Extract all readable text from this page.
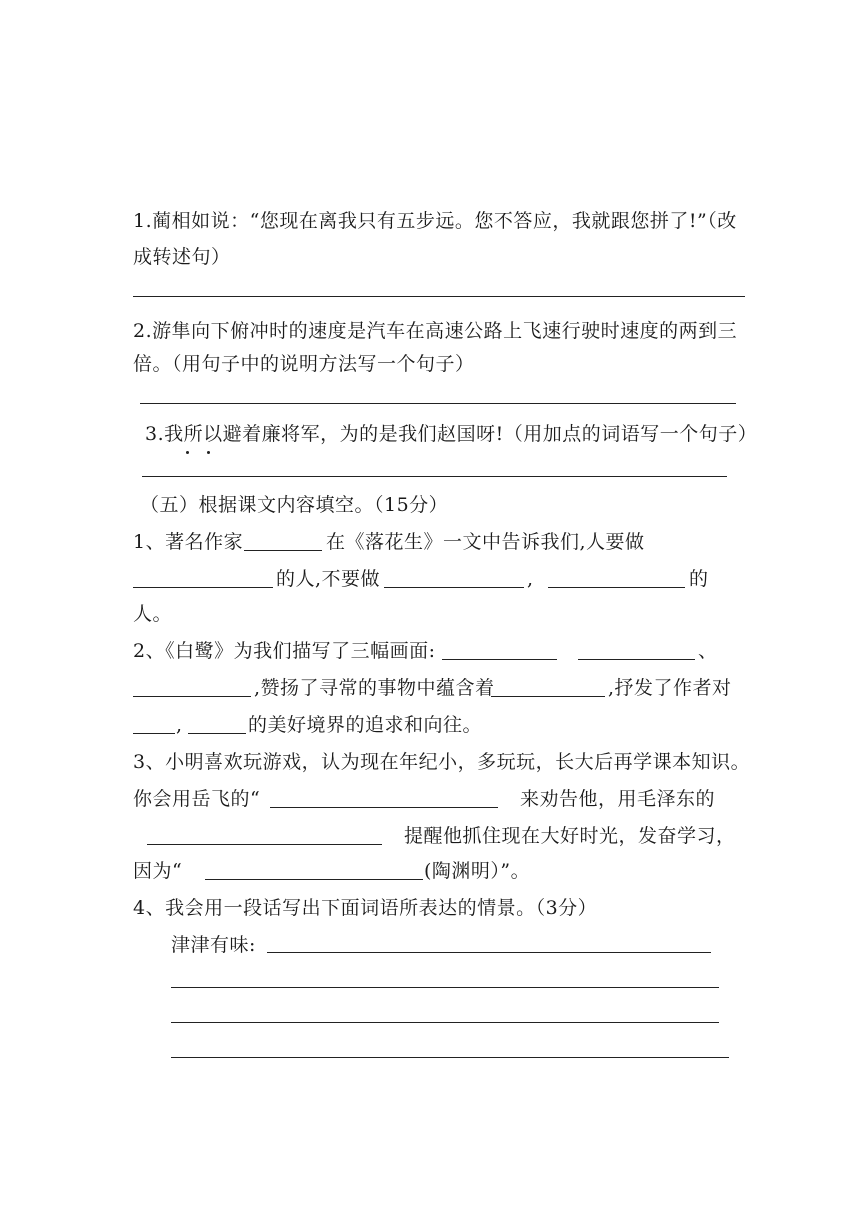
1.蔺相如说：“您现在离我只有五步远。您不答应，我就跟您拼了!”（改
成转述句）
2.游隼向下俯冲时的速度是汽车在高速公路上飞速行驶时速度的两到三
倍。（用句子中的说明方法写一个句子）
3.我所以避着廉将军，为的是我们赵国呀!（用加点的词语写一个句子）
（五）根据课文内容填空。（15分）
1、著名作家	在《落花生》一文中告诉我们,人要做
的人,不要做	,	的
人。
2、《白鹭》为我们描写了三幅画面:	、
,赞扬了寻常的事物中蕴含着	,抒发了作者对
,	的美好境界的追求和向往。
3、小明喜欢玩游戏，认为现在年纪小，多玩玩，长大后再学课本知识。
你会用岳飞的“	来劝告他，用毛泽东的
提醒他抓住现在大好时光，发奋学习，
因为“	(陶渊明）”。
4、我会用一段话写出下面词语所表达的情景。（3分）
津津有味:
